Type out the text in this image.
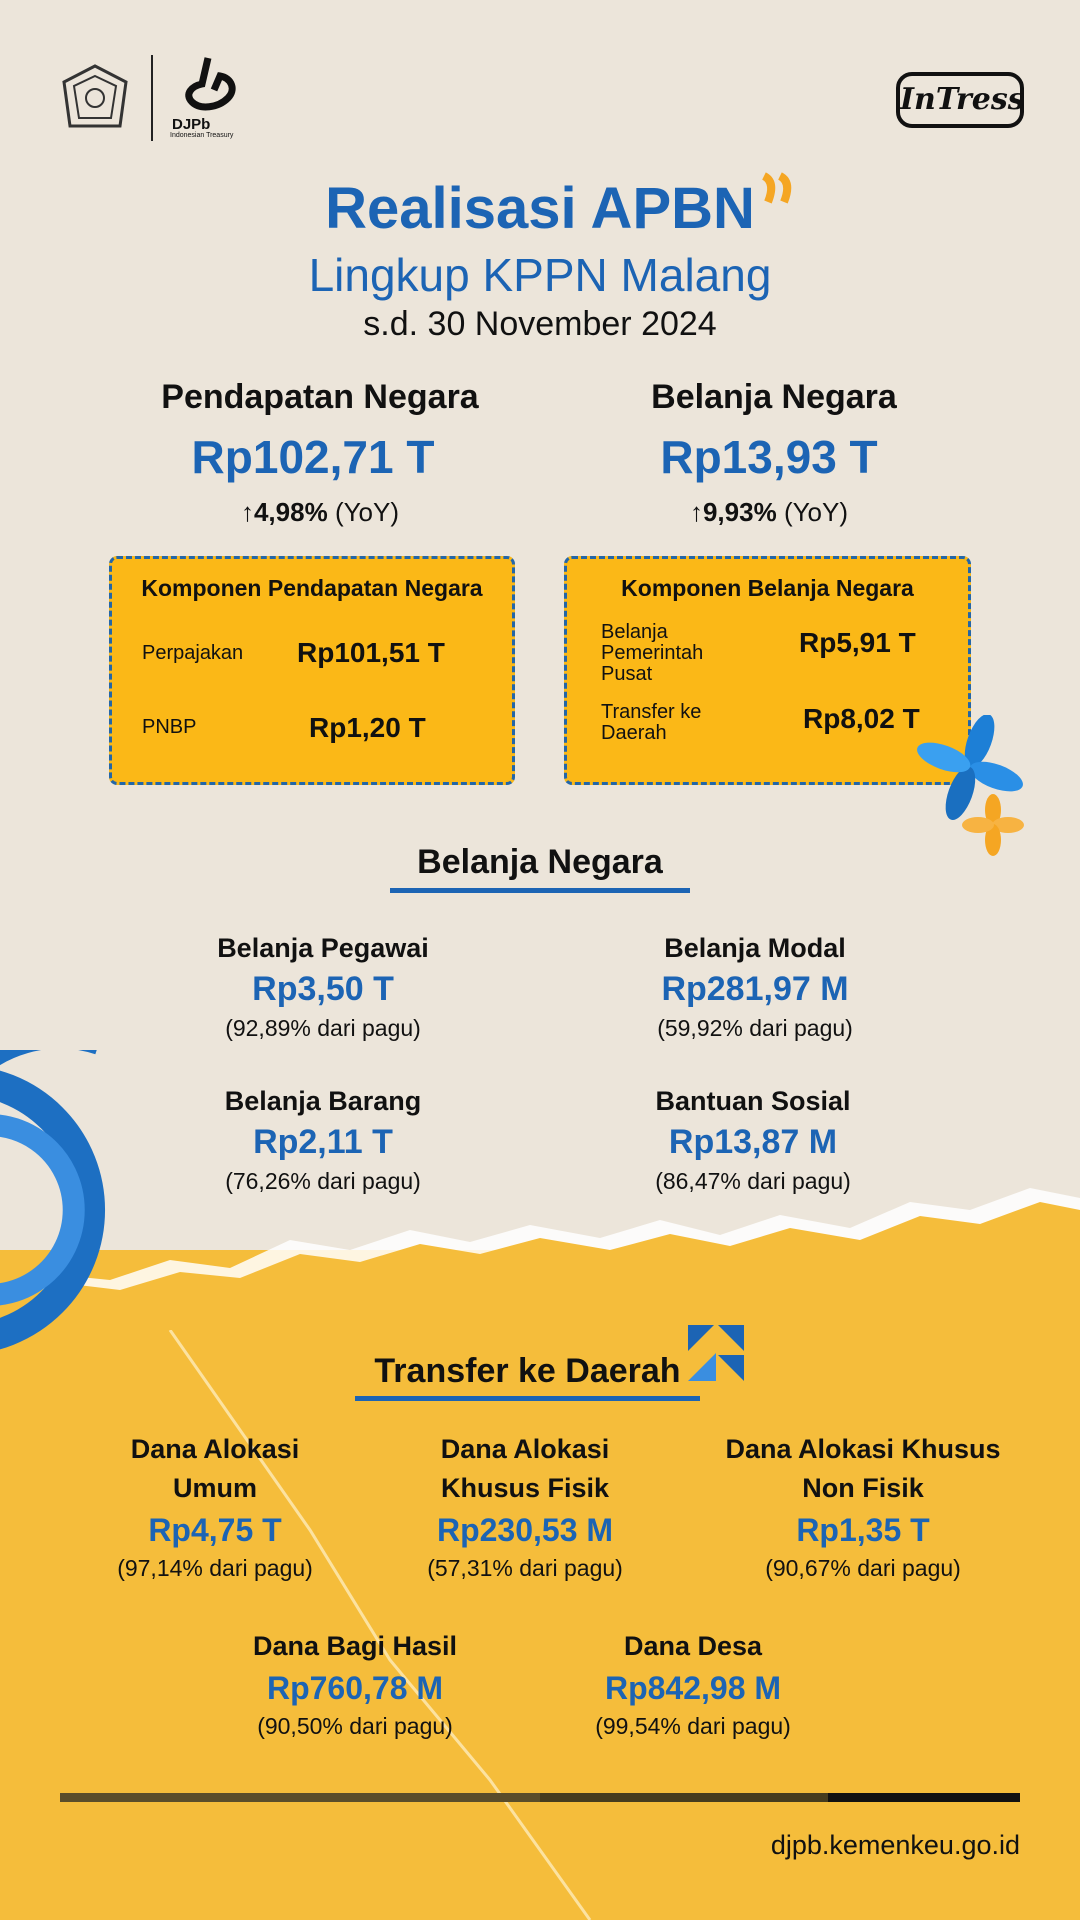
DJPb
Indonesian Treasury
InTress
Realisasi APBN
Lingkup KPPN Malang
s.d. 30 November 2024
Pendapatan Negara
Rp102,71 T
↑4,98% (YoY)
Belanja Negara
Rp13,93 T
↑9,93% (YoY)
Komponen Pendapatan Negara
Perpajakan Rp101,51 T
PNBP	Rp1,20 T
Komponen Belanja Negara
Belanja
Pemerintah
Pusat
Rp5,91 T
Transfer ke
Daerah	Rp8,02 T
Belanja Negara
Belanja Pegawai
Rp3,50 T
(92,89% dari pagu)
Belanja Modal
Rp281,97 M
(59,92% dari pagu)
Belanja Barang
Rp2,11 T
(76,26% dari pagu)
Bantuan Sosial
Rp13,87 M
(86,47% dari pagu)
Transfer ke Daerah
Dana Alokasi
Umum
Rp4,75 T
(97,14% dari pagu)
Dana Alokasi
Khusus Fisik
Rp230,53 M
(57,31% dari pagu)
Dana Alokasi Khusus
Non Fisik
Rp1,35 T
(90,67% dari pagu)
Dana Bagi Hasil
Rp760,78 M
(90,50% dari pagu)
Dana Desa
Rp842,98 M
(99,54% dari pagu)
djpb.kemenkeu.go.id
